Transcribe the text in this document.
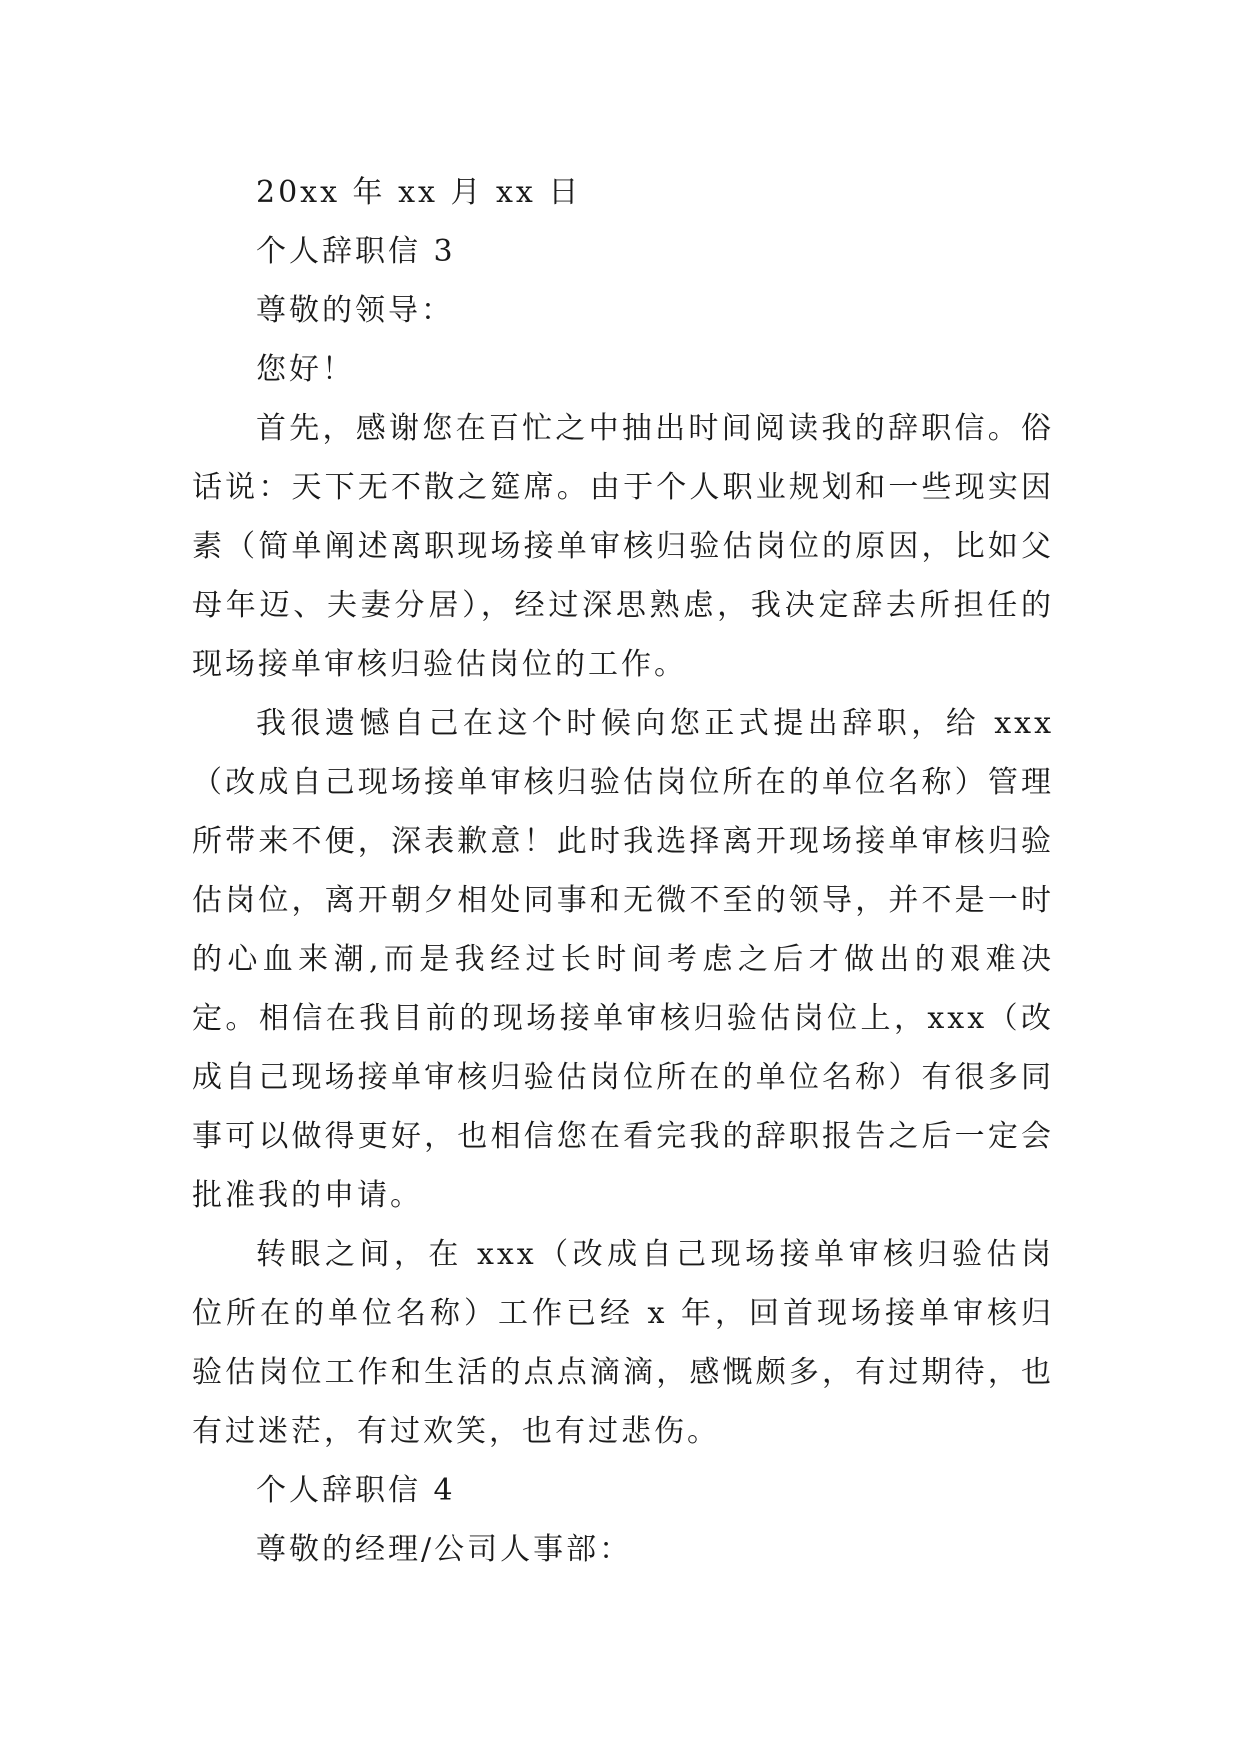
20xx 年 xx 月 xx 日

个人辞职信 3

尊敬的领导：

您好！

首先，感谢您在百忙之中抽出时间阅读我的辞职信。俗话说：天下无不散之筵席。由于个人职业规划和一些现实因素（简单阐述离职现场接单审核归验估岗位的原因，比如父母年迈、夫妻分居），经过深思熟虑，我决定辞去所担任的现场接单审核归验估岗位的工作。

我很遗憾自己在这个时候向您正式提出辞职，给 xxx（改成自己现场接单审核归验估岗位所在的单位名称）管理所带来不便，深表歉意！此时我选择离开现场接单审核归验估岗位，离开朝夕相处同事和无微不至的领导，并不是一时的心血来潮,而是我经过长时间考虑之后才做出的艰难决定。相信在我目前的现场接单审核归验估岗位上，xxx（改成自己现场接单审核归验估岗位所在的单位名称）有很多同事可以做得更好，也相信您在看完我的辞职报告之后一定会批准我的申请。

转眼之间，在 xxx（改成自己现场接单审核归验估岗位所在的单位名称）工作已经 x 年，回首现场接单审核归验估岗位工作和生活的点点滴滴，感慨颇多，有过期待，也有过迷茫，有过欢笑，也有过悲伤。

个人辞职信 4

尊敬的经理/公司人事部：
